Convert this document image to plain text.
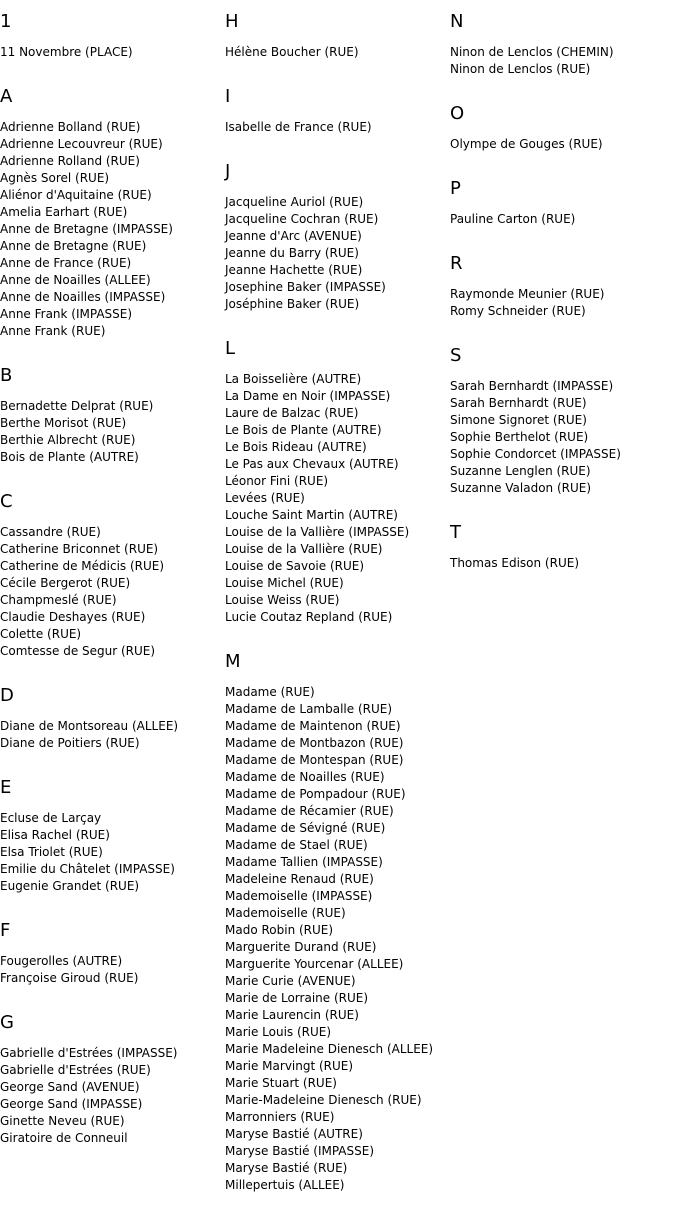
1
11 Novembre (PLACE)
A
Adrienne Bolland (RUE)
Adrienne Lecouvreur (RUE)
Adrienne Rolland (RUE)
Agnès Sorel (RUE)
Aliénor d'Aquitaine (RUE)
Amelia Earhart (RUE)
Anne de Bretagne (IMPASSE)
Anne de Bretagne (RUE)
Anne de France (RUE)
Anne de Noailles (ALLEE)
Anne de Noailles (IMPASSE)
Anne Frank (IMPASSE)
Anne Frank (RUE)
B
Bernadette Delprat (RUE)
Berthe Morisot (RUE)
Berthie Albrecht (RUE)
Bois de Plante (AUTRE)
C
Cassandre (RUE)
Catherine Briconnet (RUE)
Catherine de Médicis (RUE)
Cécile Bergerot (RUE)
Champmeslé (RUE)
Claudie Deshayes (RUE)
Colette (RUE)
Comtesse de Segur (RUE)
D
Diane de Montsoreau (ALLEE)
Diane de Poitiers (RUE)
E
Ecluse de Larçay
Elisa Rachel (RUE)
Elsa Triolet (RUE)
Emilie du Châtelet (IMPASSE)
Eugenie Grandet (RUE)
F
Fougerolles (AUTRE)
Françoise Giroud (RUE)
G
Gabrielle d'Estrées (IMPASSE)
Gabrielle d'Estrées (RUE)
George Sand (AVENUE)
George Sand (IMPASSE)
Ginette Neveu (RUE)
Giratoire de Conneuil
H
Hélène Boucher (RUE)
I
Isabelle de France (RUE)
J
Jacqueline Auriol (RUE)
Jacqueline Cochran (RUE)
Jeanne d'Arc (AVENUE)
Jeanne du Barry (RUE)
Jeanne Hachette (RUE)
Josephine Baker (IMPASSE)
Joséphine Baker (RUE)
L
La Boisselière (AUTRE)
La Dame en Noir (IMPASSE)
Laure de Balzac (RUE)
Le Bois de Plante (AUTRE)
Le Bois Rideau (AUTRE)
Le Pas aux Chevaux (AUTRE)
Léonor Fini (RUE)
Levées (RUE)
Louche Saint Martin (AUTRE)
Louise de la Vallière (IMPASSE)
Louise de la Vallière (RUE)
Louise de Savoie (RUE)
Louise Michel (RUE)
Louise Weiss (RUE)
Lucie Coutaz Repland (RUE)
M
Madame (RUE)
Madame de Lamballe (RUE)
Madame de Maintenon (RUE)
Madame de Montbazon (RUE)
Madame de Montespan (RUE)
Madame de Noailles (RUE)
Madame de Pompadour (RUE)
Madame de Récamier (RUE)
Madame de Sévigné (RUE)
Madame de Stael (RUE)
Madame Tallien (IMPASSE)
Madeleine Renaud (RUE)
Mademoiselle (IMPASSE)
Mademoiselle (RUE)
Mado Robin (RUE)
Marguerite Durand (RUE)
Marguerite Yourcenar (ALLEE)
Marie Curie (AVENUE)
Marie de Lorraine (RUE)
Marie Laurencin (RUE)
Marie Louis (RUE)
Marie Madeleine Dienesch (ALLEE)
Marie Marvingt (RUE)
Marie Stuart (RUE)
Marie-Madeleine Dienesch (RUE)
Marronniers (RUE)
Maryse Bastié (AUTRE)
Maryse Bastié (IMPASSE)
Maryse Bastié (RUE)
Millepertuis (ALLEE)
N
Ninon de Lenclos (CHEMIN)
Ninon de Lenclos (RUE)
O
Olympe de Gouges (RUE)
P
Pauline Carton (RUE)
R
Raymonde Meunier (RUE)
Romy Schneider (RUE)
S
Sarah Bernhardt (IMPASSE)
Sarah Bernhardt (RUE)
Simone Signoret (RUE)
Sophie Berthelot (RUE)
Sophie Condorcet (IMPASSE)
Suzanne Lenglen (RUE)
Suzanne Valadon (RUE)
T
Thomas Edison (RUE)
